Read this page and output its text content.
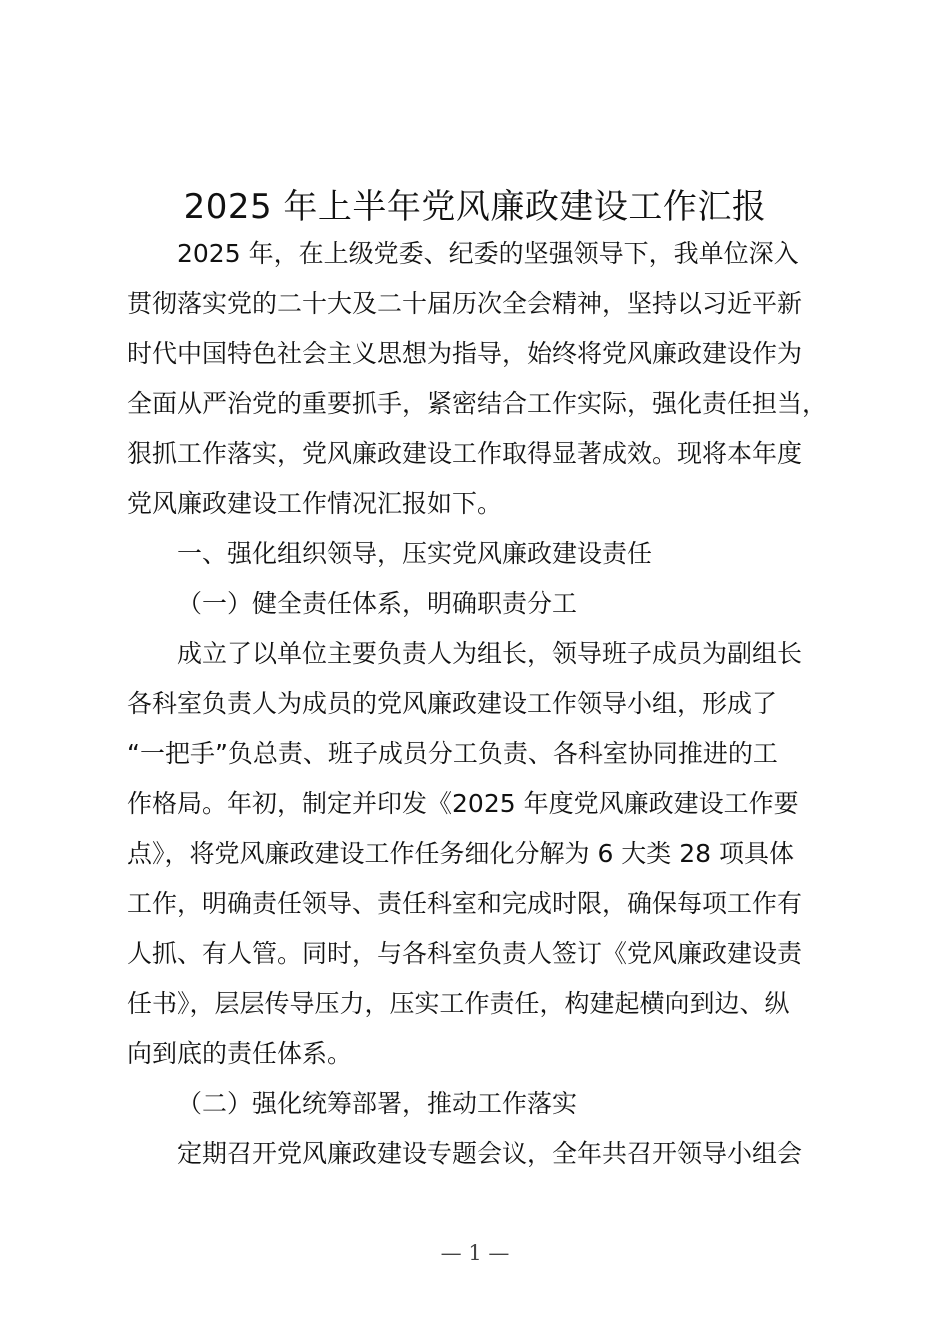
2025 年上半年党风廉政建设工作汇报
2025 年，在上级党委、纪委的坚强领导下，我单位深入
贯彻落实党的二十大及二十届历次全会精神，坚持以习近平新
时代中国特色社会主义思想为指导，始终将党风廉政建设作为
全面从严治党的重要抓手，紧密结合工作实际，强化责任担当，
狠抓工作落实，党风廉政建设工作取得显著成效。现将本年度
党风廉政建设工作情况汇报如下。
一、强化组织领导，压实党风廉政建设责任
（一）健全责任体系，明确职责分工
成立了以单位主要负责人为组长，领导班子成员为副组长
各科室负责人为成员的党风廉政建设工作领导小组，形成了
“一把手”负总责、班子成员分工负责、各科室协同推进的工
作格局。年初，制定并印发《2025 年度党风廉政建设工作要
点》，将党风廉政建设工作任务细化分解为 6 大类 28 项具体
工作，明确责任领导、责任科室和完成时限，确保每项工作有
人抓、有人管。同时，与各科室负责人签订《党风廉政建设责
任书》，层层传导压力，压实工作责任，构建起横向到边、纵
向到底的责任体系。
（二）强化统筹部署，推动工作落实
定期召开党风廉政建设专题会议，全年共召开领导小组会
— 1 —
